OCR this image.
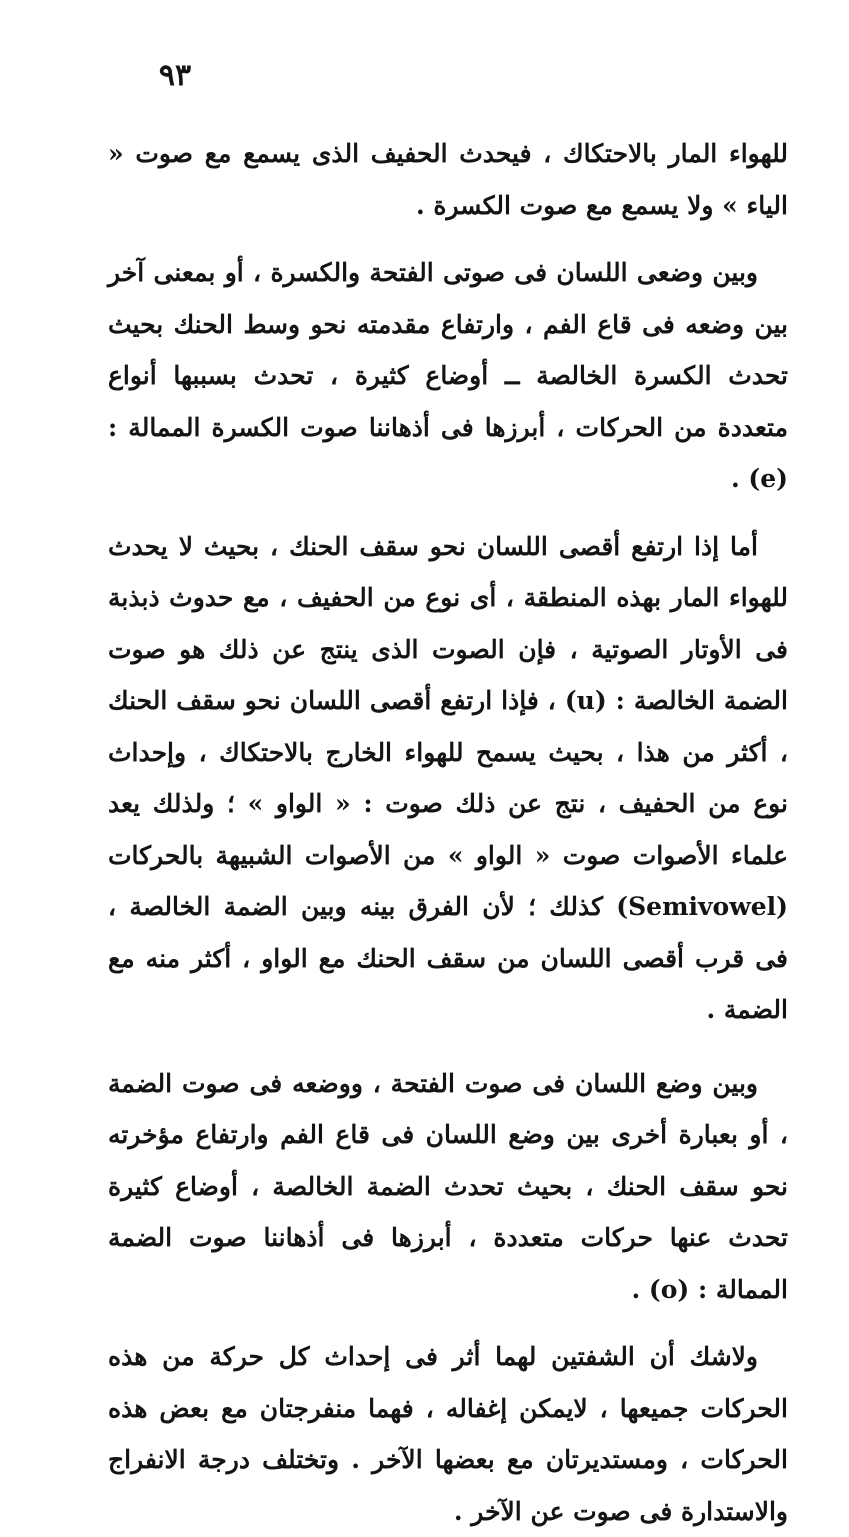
٩٣

للهواء المار بالاحتكاك ، فيحدث الحفيف الذى يسمع مع صوت « الياء » ولا يسمع مع صوت الكسرة .

وبين وضعى اللسان فى صوتى الفتحة والكسرة ، أو بمعنى آخر بين وضعه فى قاع الفم ، وارتفاع مقدمته نحو وسط الحنك بحيث تحدث الكسرة الخالصة ــ أوضاع كثيرة ، تحدث بسببها أنواع متعددة من الحركات ، أبرزها فى أذهاننا صوت الكسرة الممالة : (e) .

أما إذا ارتفع أقصى اللسان نحو سقف الحنك ، بحيث لا يحدث للهواء المار بهذه المنطقة ، أى نوع من الحفيف ، مع حدوث ذبذبة فى الأوتار الصوتية ، فإن الصوت الذى ينتج عن ذلك هو صوت الضمة الخالصة : (u) ، فإذا ارتفع أقصى اللسان نحو سقف الحنك ، أكثر من هذا ، بحيث يسمح للهواء الخارج بالاحتكاك ، وإحداث نوع من الحفيف ، نتج عن ذلك صوت : « الواو » ؛ ولذلك يعد علماء الأصوات صوت « الواو » من الأصوات الشبيهة بالحركات (Semivowel) كذلك ؛ لأن الفرق بينه وبين الضمة الخالصة ، فى قرب أقصى اللسان من سقف الحنك مع الواو ، أكثر منه مع الضمة .

وبين وضع اللسان فى صوت الفتحة ، ووضعه فى صوت الضمة ، أو بعبارة أخرى بين وضع اللسان فى قاع الفم وارتفاع مؤخرته نحو سقف الحنك ، بحيث تحدث الضمة الخالصة ، أوضاع كثيرة تحدث عنها حركات متعددة ، أبرزها فى أذهاننا صوت الضمة الممالة : (o) .

ولاشك أن الشفتين لهما أثر فى إحداث كل حركة من هذه الحركات جميعها ، لايمكن إغفاله ، فهما منفرجتان مع بعض هذه الحركات ، ومستديرتان مع بعضها الآخر . وتختلف درجة الانفراج والاستدارة فى صوت عن الآخر .
